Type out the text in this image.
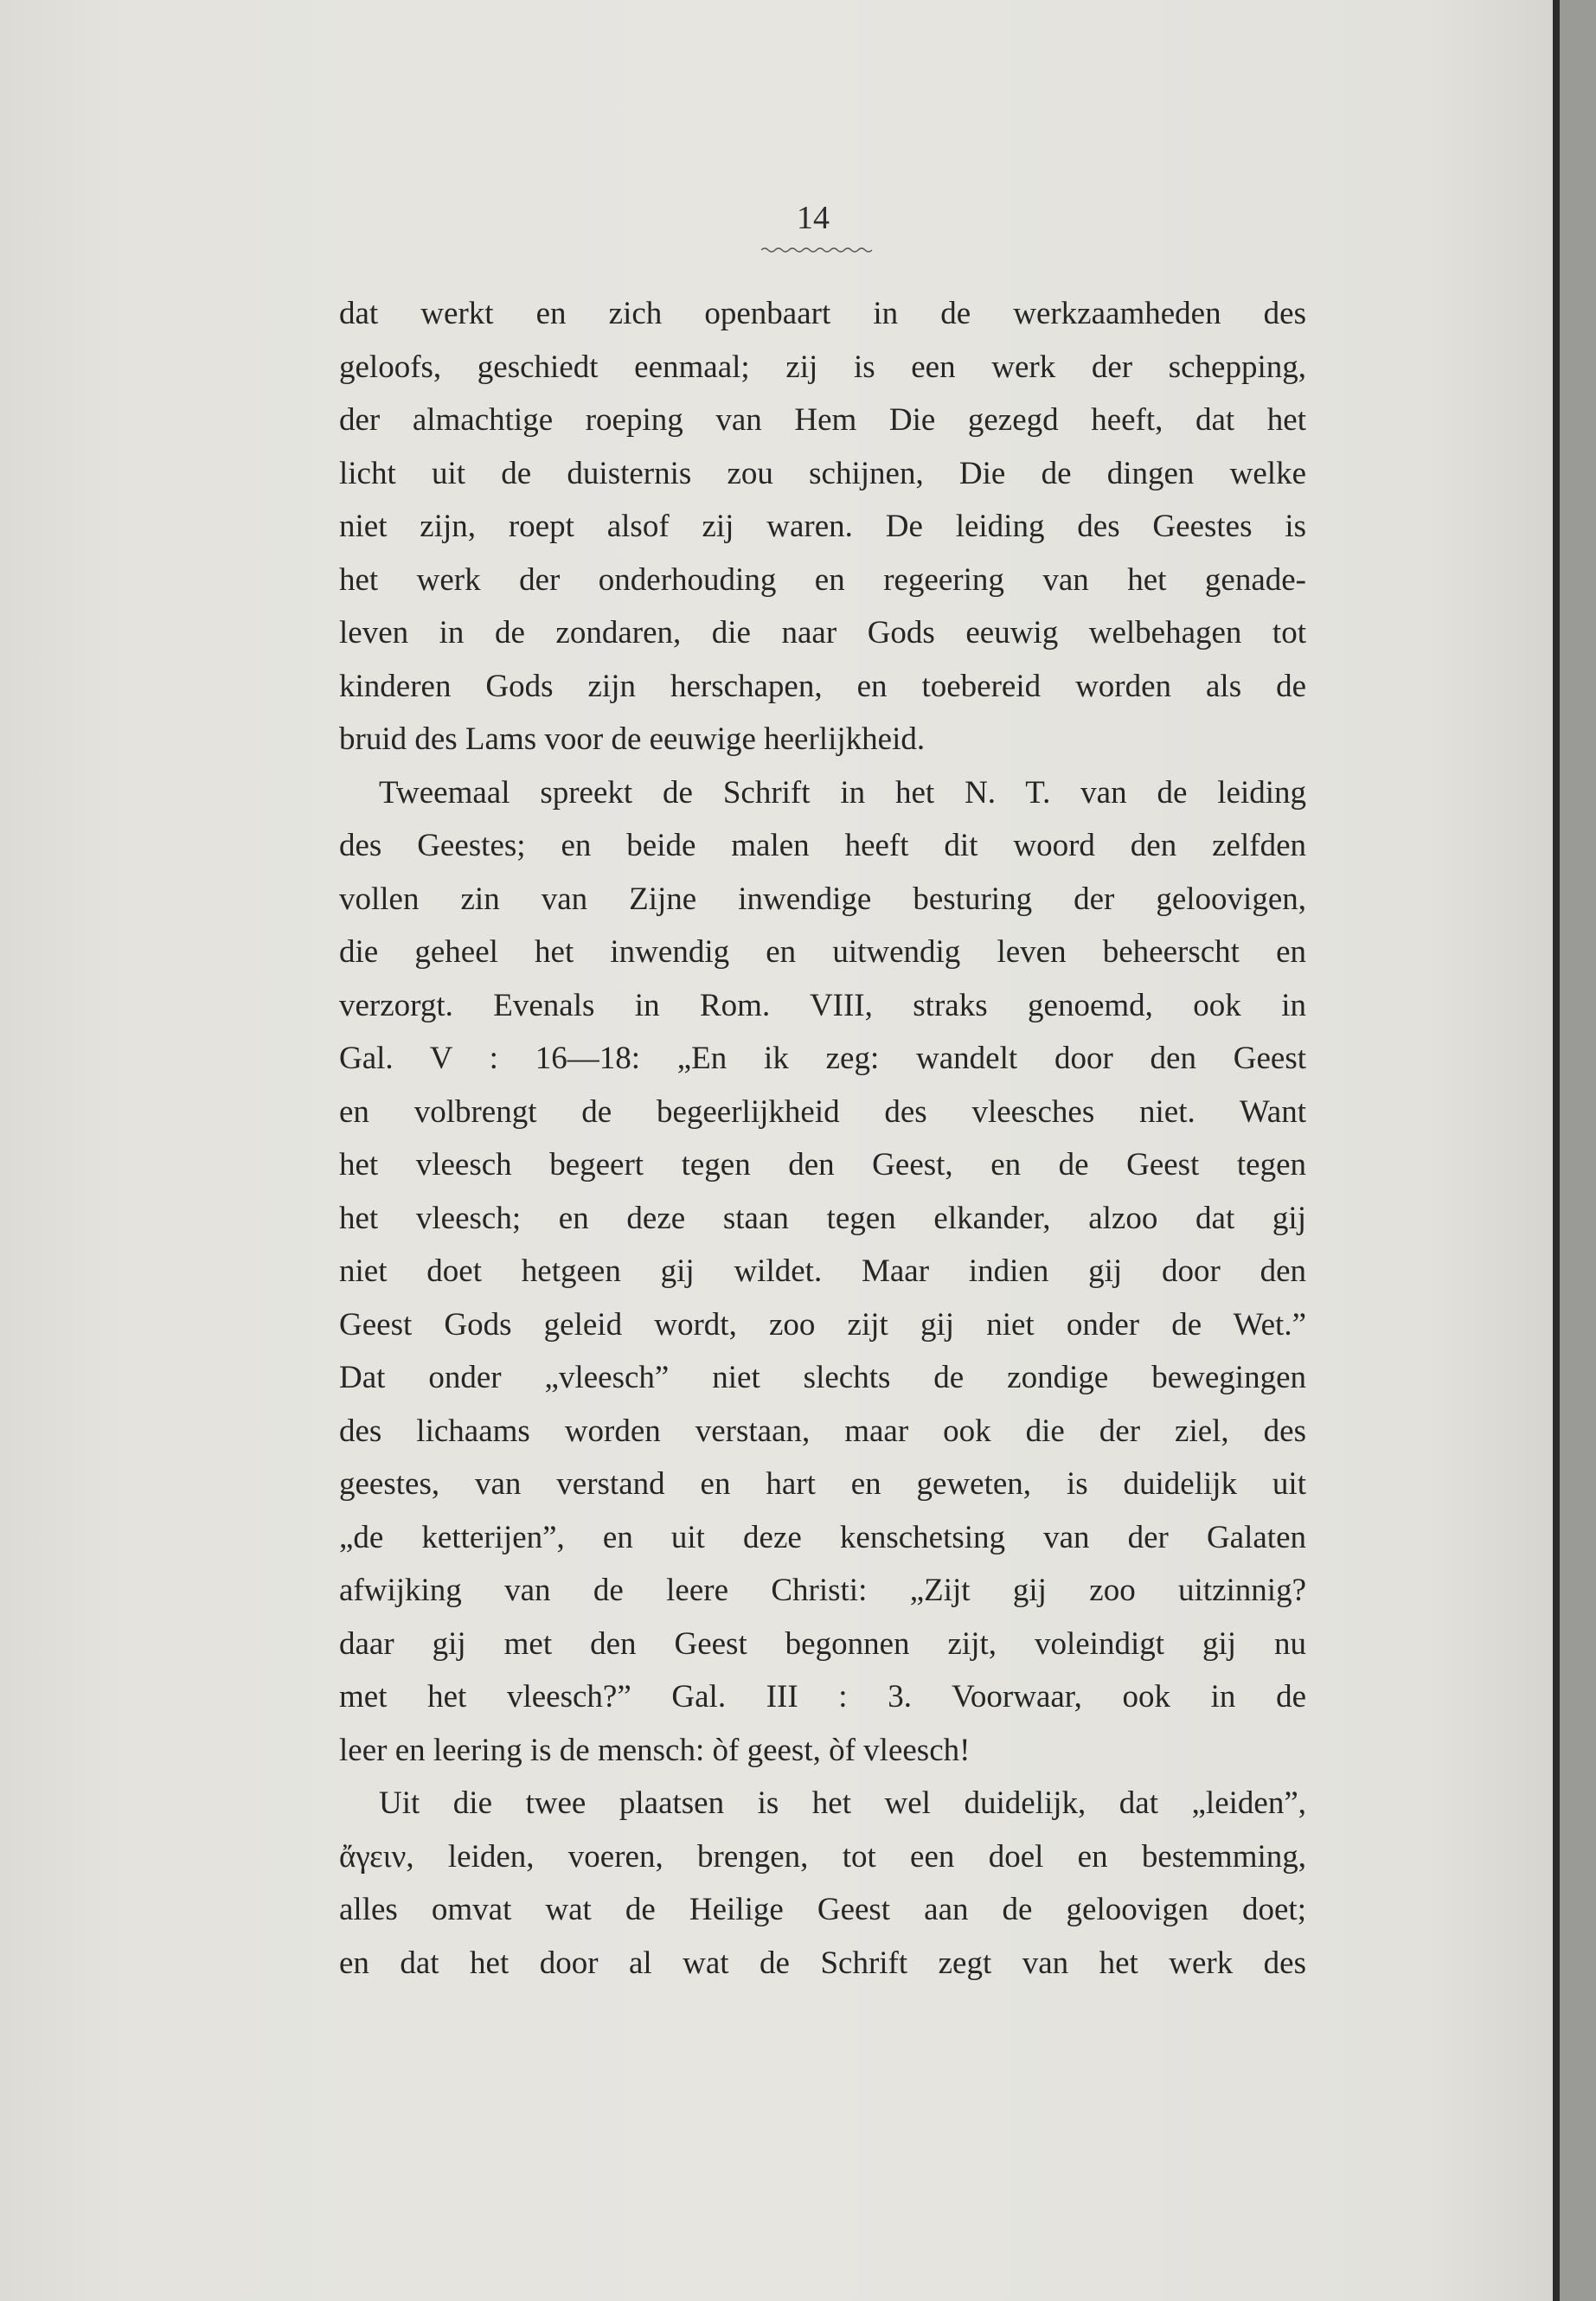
14
dat werkt en zich openbaart in de werkzaamheden des
geloofs, geschiedt eenmaal; zij is een werk der schepping,
der almachtige roeping van Hem Die gezegd heeft, dat het
licht uit de duisternis zou schijnen, Die de dingen welke
niet zijn, roept alsof zij waren. De leiding des Geestes is
het werk der onderhouding en regeering van het genade-
leven in de zondaren, die naar Gods eeuwig welbehagen tot
kinderen Gods zijn herschapen, en toebereid worden als de
bruid des Lams voor de eeuwige heerlijkheid.
Tweemaal spreekt de Schrift in het N. T. van de leiding
des Geestes; en beide malen heeft dit woord den zelfden
vollen zin van Zijne inwendige besturing der geloovigen,
die geheel het inwendig en uitwendig leven beheerscht en
verzorgt. Evenals in Rom. VIII, straks genoemd, ook in
Gal. V : 16—18: „En ik zeg: wandelt door den Geest
en volbrengt de begeerlijkheid des vleesches niet. Want
het vleesch begeert tegen den Geest, en de Geest tegen
het vleesch; en deze staan tegen elkander, alzoo dat gij
niet doet hetgeen gij wildet. Maar indien gij door den
Geest Gods geleid wordt, zoo zijt gij niet onder de Wet.”
Dat onder „vleesch” niet slechts de zondige bewegingen
des lichaams worden verstaan, maar ook die der ziel, des
geestes, van verstand en hart en geweten, is duidelijk uit
„de ketterijen”, en uit deze kenschetsing van der Galaten
afwijking van de leere Christi: „Zijt gij zoo uitzinnig?
daar gij met den Geest begonnen zijt, voleindigt gij nu
met het vleesch?” Gal. III : 3. Voorwaar, ook in de
leer en leering is de mensch: òf geest, òf vleesch!
Uit die twee plaatsen is het wel duidelijk, dat „leiden”,
ἄγειν, leiden, voeren, brengen, tot een doel en bestemming,
alles omvat wat de Heilige Geest aan de geloovigen doet;
en dat het door al wat de Schrift zegt van het werk des
